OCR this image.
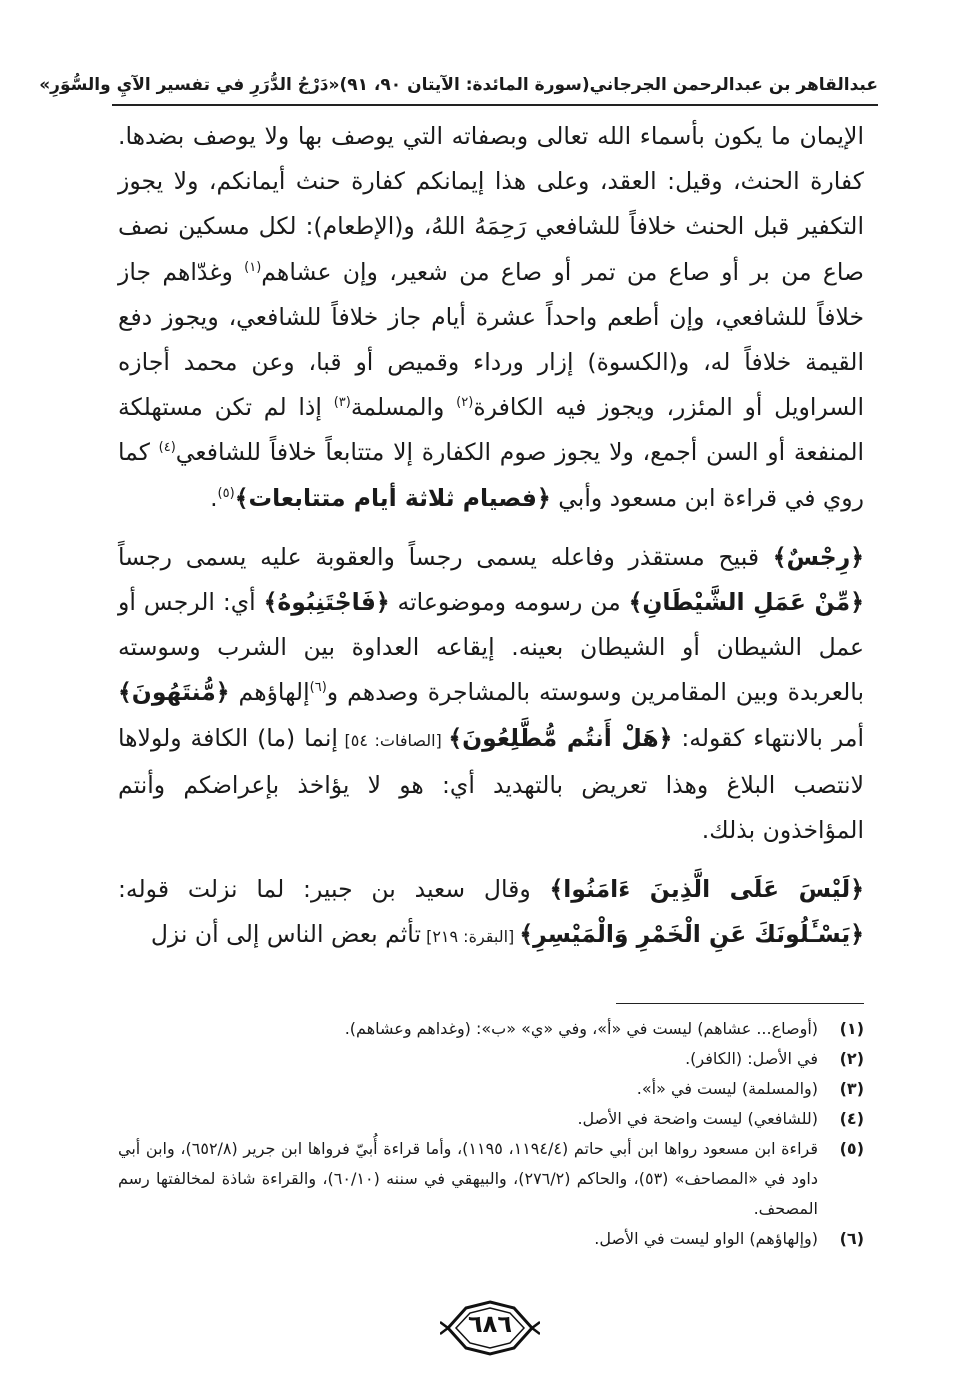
عبدالقاهر بن عبدالرحمن الجرجاني
(سورة المائدة: الآيتان ٩٠، ٩١)
«دَرْجُ الدُّرَرِ في تفسير الآيِ والسُّوَرِ»

الإيمان ما يكون بأسماء الله تعالى وبصفاته التي يوصف بها ولا يوصف بضدها. كفارة الحنث، وقيل: العقد، وعلى هذا إيمانكم كفارة حنث أيمانكم، ولا يجوز التكفير قبل الحنث خلافاً للشافعي رَحِمَهُ اللهُ، و(الإطعام): لكل مسكين نصف صاع من بر أو صاع من تمر أو صاع من شعير، وإن عشاهم$^{(١)}$ وغدّاهم جاز خلافاً للشافعي، وإن أطعم واحداً عشرة أيام جاز خلافاً للشافعي، ويجوز دفع القيمة خلافاً له، و(الكسوة) إزار ورداء وقميص أو قبا، وعن محمد أجازه السراويل أو المئزر، ويجوز فيه الكافرة$^{(٢)}$ والمسلمة$^{(٣)}$ إذا لم تكن مستهلكة المنفعة أو السن أجمع، ولا يجوز صوم الكفارة إلا متتابعاً خلافاً للشافعي$^{(٤)}$ كما روي في قراءة ابن مسعود وأبي ﴿فصيام ثلاثة أيام متتابعات﴾$^{(٥)}$.

﴿رِجْسٌ﴾ قبيح مستقذر وفاعله يسمى رجساً والعقوبة عليه يسمى رجساً ﴿مِّنْ عَمَلِ الشَّيْطَانِ﴾ من رسومه وموضوعاته ﴿فَاجْتَنِبُوهُ﴾ أي: الرجس أو عمل الشيطان أو الشيطان بعينه. إيقاعه العداوة بين الشرب وسوسته بالعربدة وبين المقامرين وسوسته بالمشاجرة وصدهم و$^{(٦)}$إلهاؤهم ﴿مُّنتَهُونَ﴾ أمر بالانتهاء كقوله: ﴿هَلْ أَنتُم مُّطَّلِعُونَ﴾ [الصافات: ٥٤] إنما (ما) الكافة ولولاها لانتصب البلاغ وهذا تعريض بالتهديد أي: هو لا يؤاخذ بإعراضكم وأنتم المؤاخذون بذلك.

﴿لَيْسَ عَلَى الَّذِينَ ءَامَنُوا﴾ وقال سعيد بن جبير: لما نزلت قوله: ﴿يَسْـَٔلُونَكَ عَنِ الْخَمْرِ وَالْمَيْسِرِ﴾ [البقرة: ٢١٩] تأثم بعض الناس إلى أن نزل

(١)
(أوصاع... عشاهم) ليست في «أ»، وفي «ي» «ب»: (وغداهم وعشاهم).
(٢)
في الأصل: (الكافر).
(٣)
(والمسلمة) ليست في «أ».
(٤)
(للشافعي) ليست واضحة في الأصل.
(٥)
قراءة ابن مسعود رواها ابن أبي حاتم (١١٩٤/٤، ١١٩٥)، وأما قراءة أُبيّ فرواها ابن جرير (٦٥٢/٨)، وابن أبي داود في «المصاحف» (٥٣)، والحاكم (٢٧٦/٢)، والبيهقي في سننه (٦٠/١٠)، والقراءة شاذة لمخالفتها رسم المصحف.
(٦)
(وإلهاؤهم) الواو ليست في الأصل.
٦٨٦
